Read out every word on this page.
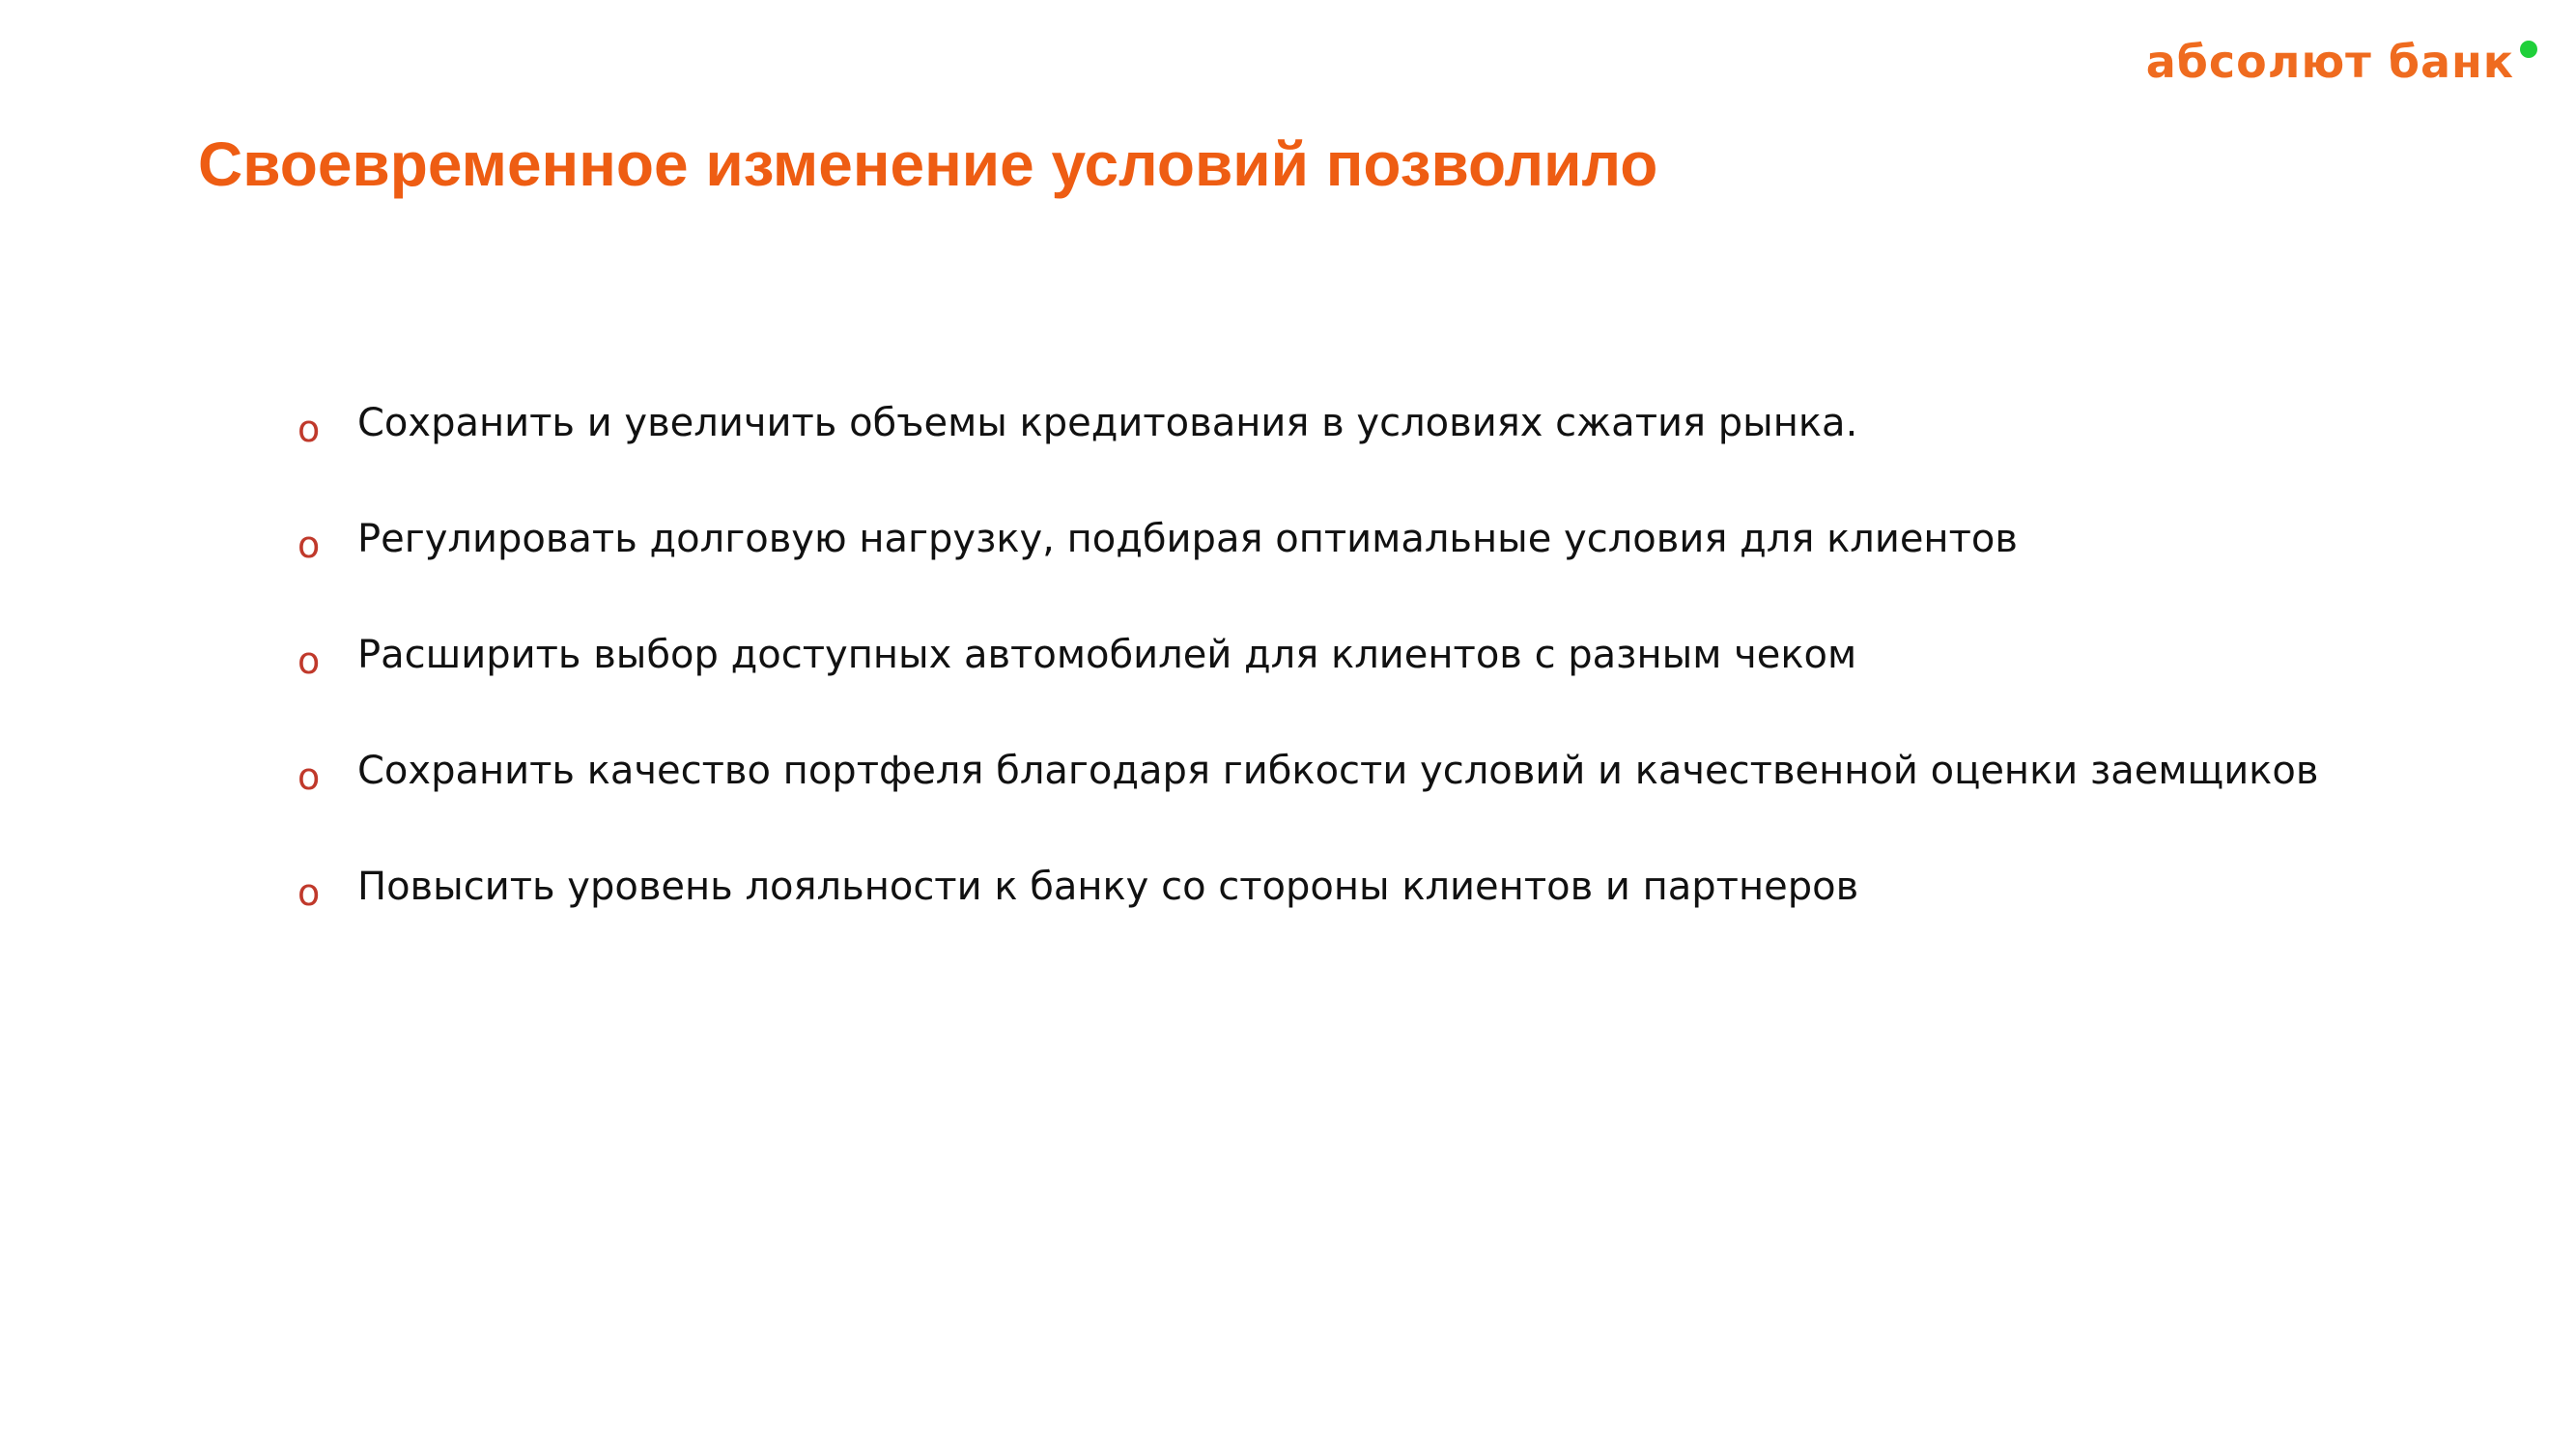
абсолют банк
Своевременное изменение условий позволило
o Сохранить и увеличить объемы кредитования в условиях сжатия рынка.
o Регулировать долговую нагрузку, подбирая оптимальные условия для клиентов
o Расширить выбор доступных автомобилей для клиентов с разным чеком
o Сохранить качество портфеля благодаря гибкости условий и качественной оценки заемщиков
o Повысить уровень лояльности к банку со стороны клиентов и партнеров
